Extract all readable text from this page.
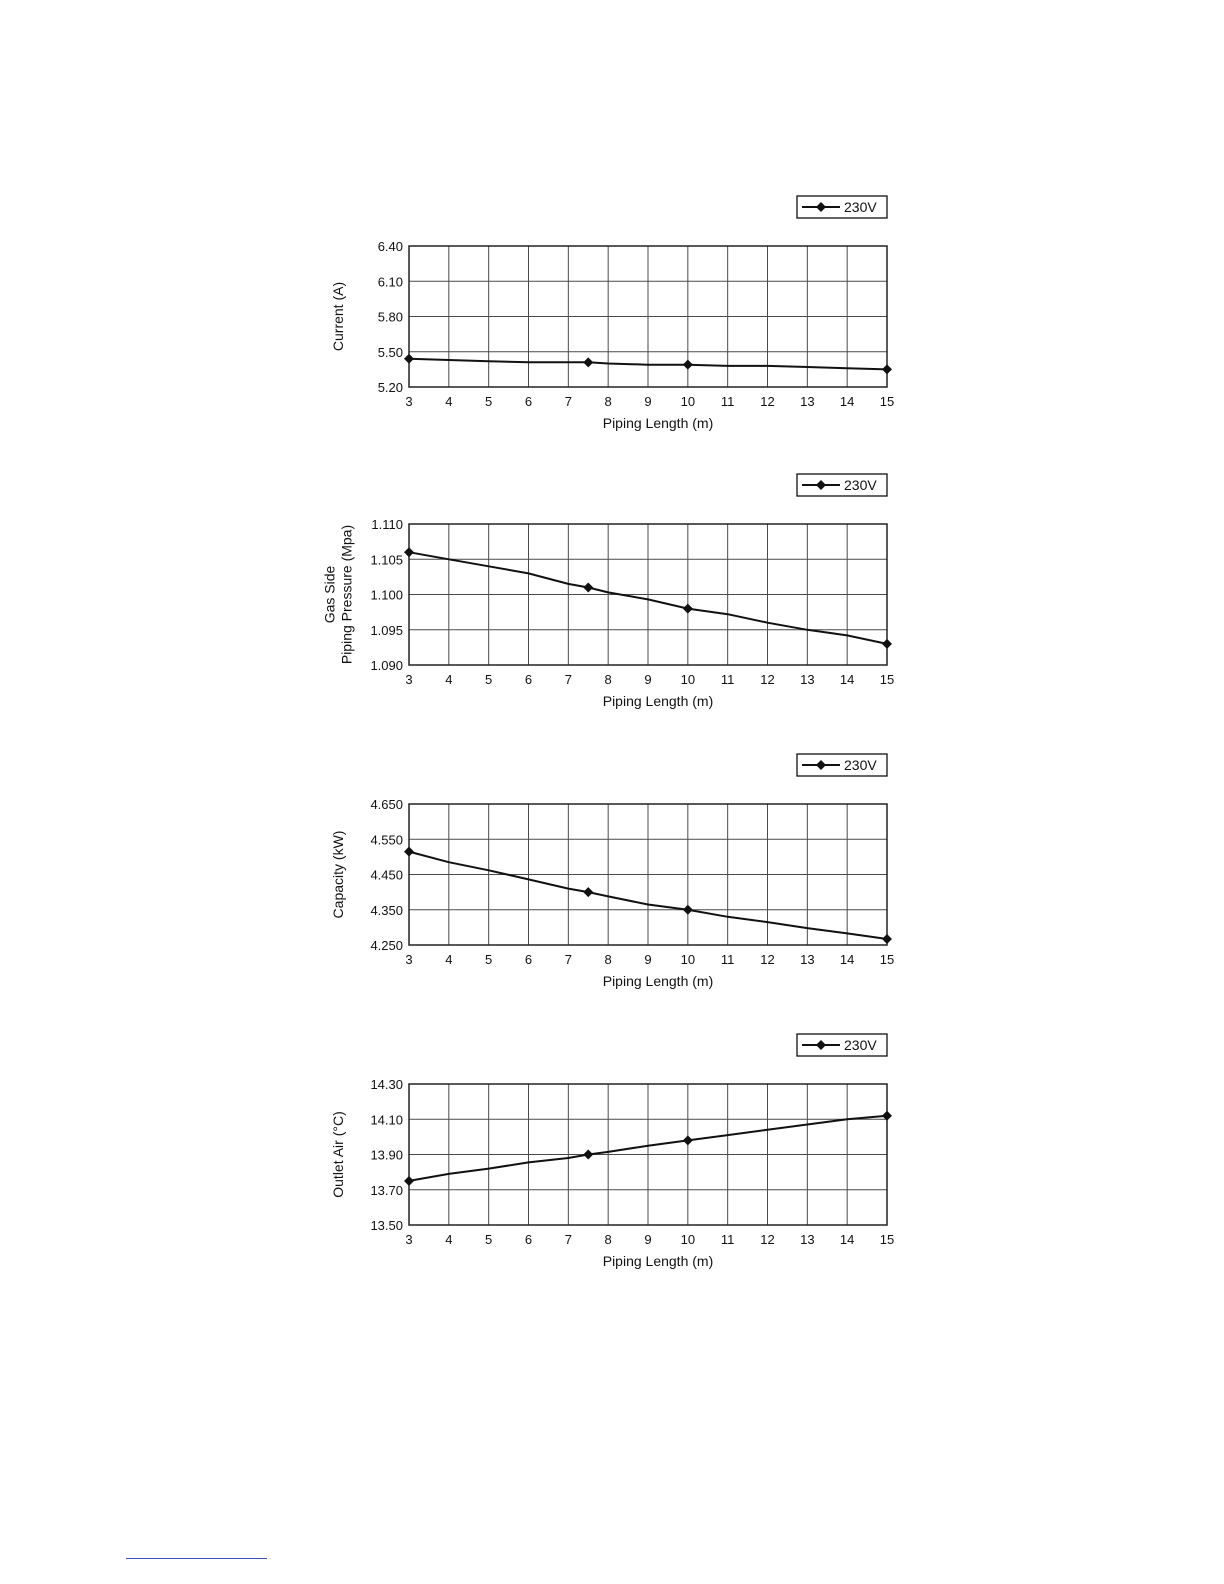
6.40
6.10
5.80
5.50
5.20
3	4	5	6	7	8	9 10 11 12 13 14 15
Piping Length (m)
Current (A)
230V
1.110
1.105
1.100
1.095
1.090
3	4	5	6	7	8	9 10 11 12 13 14 15
Piping Length (m)
Gas Side Piping Pressure (Mpa)
230V
4.650
4.550
4.450
4.350
4.250
3	4	5	6	7	8	9 10 11 12 13 14 15
Piping Length (m)
Capacity (kW)
230V
14.30
14.10
13.90
13.70
13.50
3	4	5	6	7	8	9 10 11 12 13 14 15
Piping Length (m)
Outlet Air (°C)
230V
